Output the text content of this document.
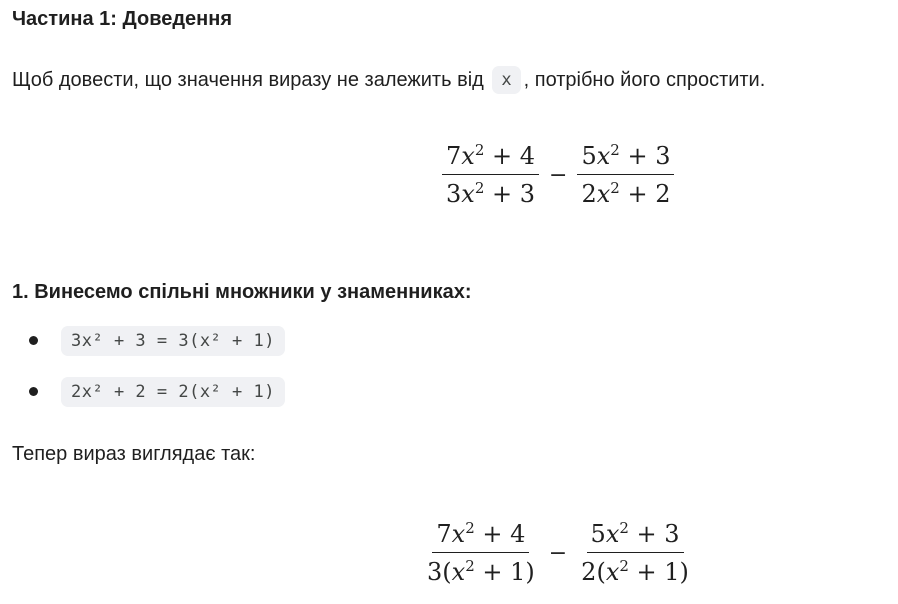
Частина 1: Доведення
Щоб довести, що значення виразу не залежить від x , потрібно його спростити.
$\frac{7x^2 + 4}{3x^2 + 3} - \frac{5x^2 + 3}{2x^2 + 2}$
1. Винесемо спільні множники у знаменниках:
3x² + 3 = 3(x² + 1)
2x² + 2 = 2(x² + 1)
Тепер вираз виглядає так:
$\frac{7x^2 + 4}{3(x^2 + 1)} - \frac{5x^2 + 3}{2(x^2 + 1)}$
